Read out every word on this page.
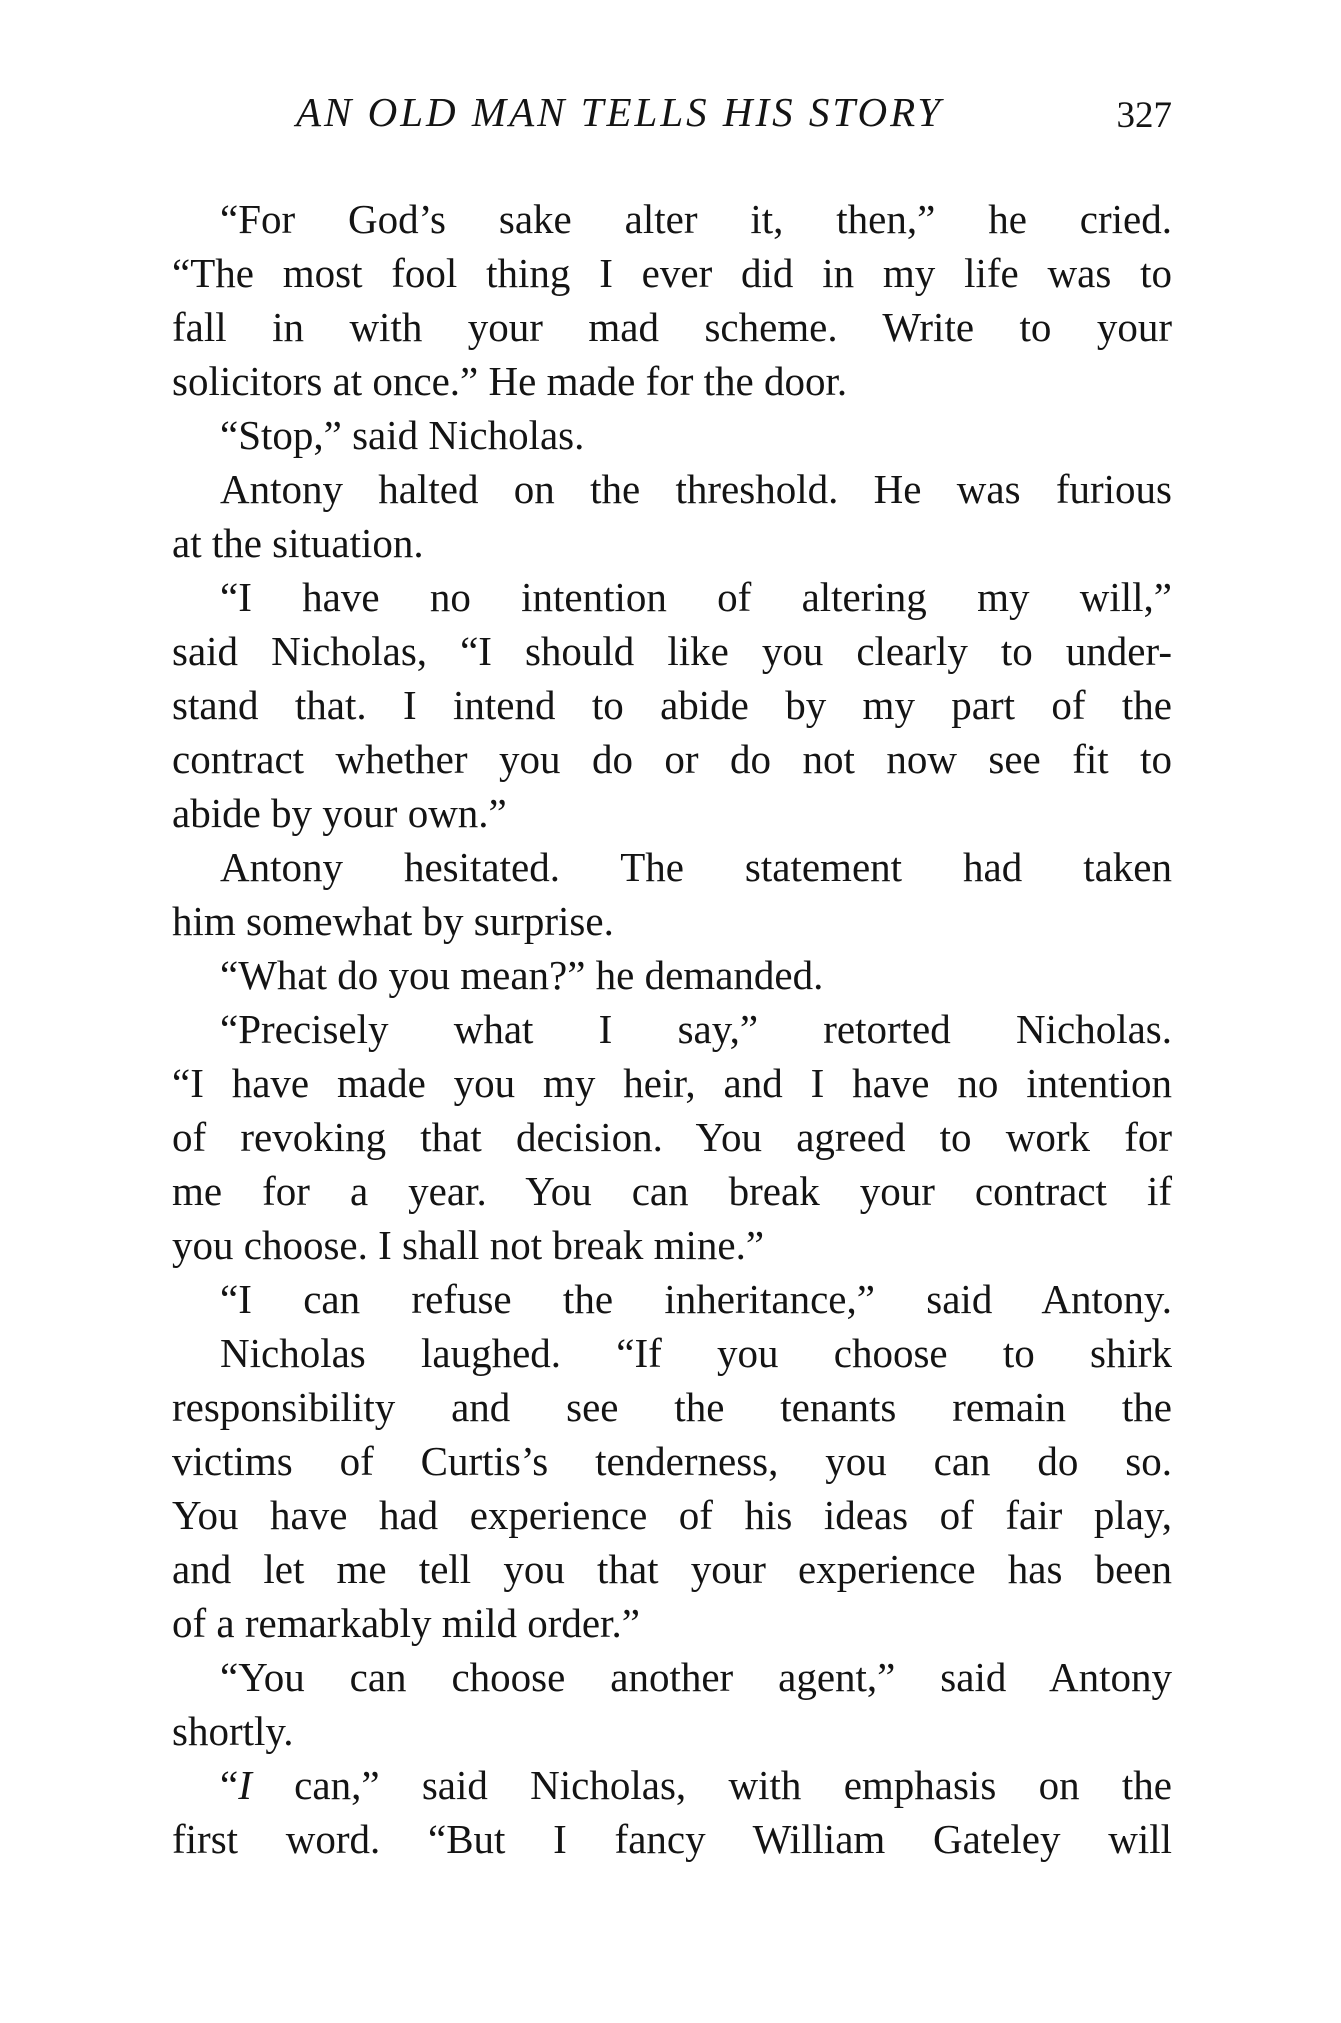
AN OLD MAN TELLS HIS STORY	327
“For God’s sake alter it, then,” he cried.
“The most fool thing I ever did in my life was to
fall in with your mad scheme. Write to your
solicitors at once.” He made for the door.
“Stop,” said Nicholas.
Antony halted on the threshold. He was furious
at the situation.
“I have no intention of altering my will,”
said Nicholas, “I should like you clearly to under-
stand that. I intend to abide by my part of the
contract whether you do or do not now see fit to
abide by your own.”
Antony hesitated. The statement had taken
him somewhat by surprise.
“What do you mean?” he demanded.
“Precisely what I say,” retorted Nicholas.
“I have made you my heir, and I have no intention
of revoking that decision. You agreed to work for
me for a year. You can break your contract if
you choose. I shall not break mine.”
“I can refuse the inheritance,” said Antony.
Nicholas laughed. “If you choose to shirk
responsibility and see the tenants remain the
victims of Curtis’s tenderness, you can do so.
You have had experience of his ideas of fair play,
and let me tell you that your experience has been
of a remarkably mild order.”
“You can choose another agent,” said Antony
shortly.
“I can,” said Nicholas, with emphasis on the
first word. “But I fancy William Gateley will
